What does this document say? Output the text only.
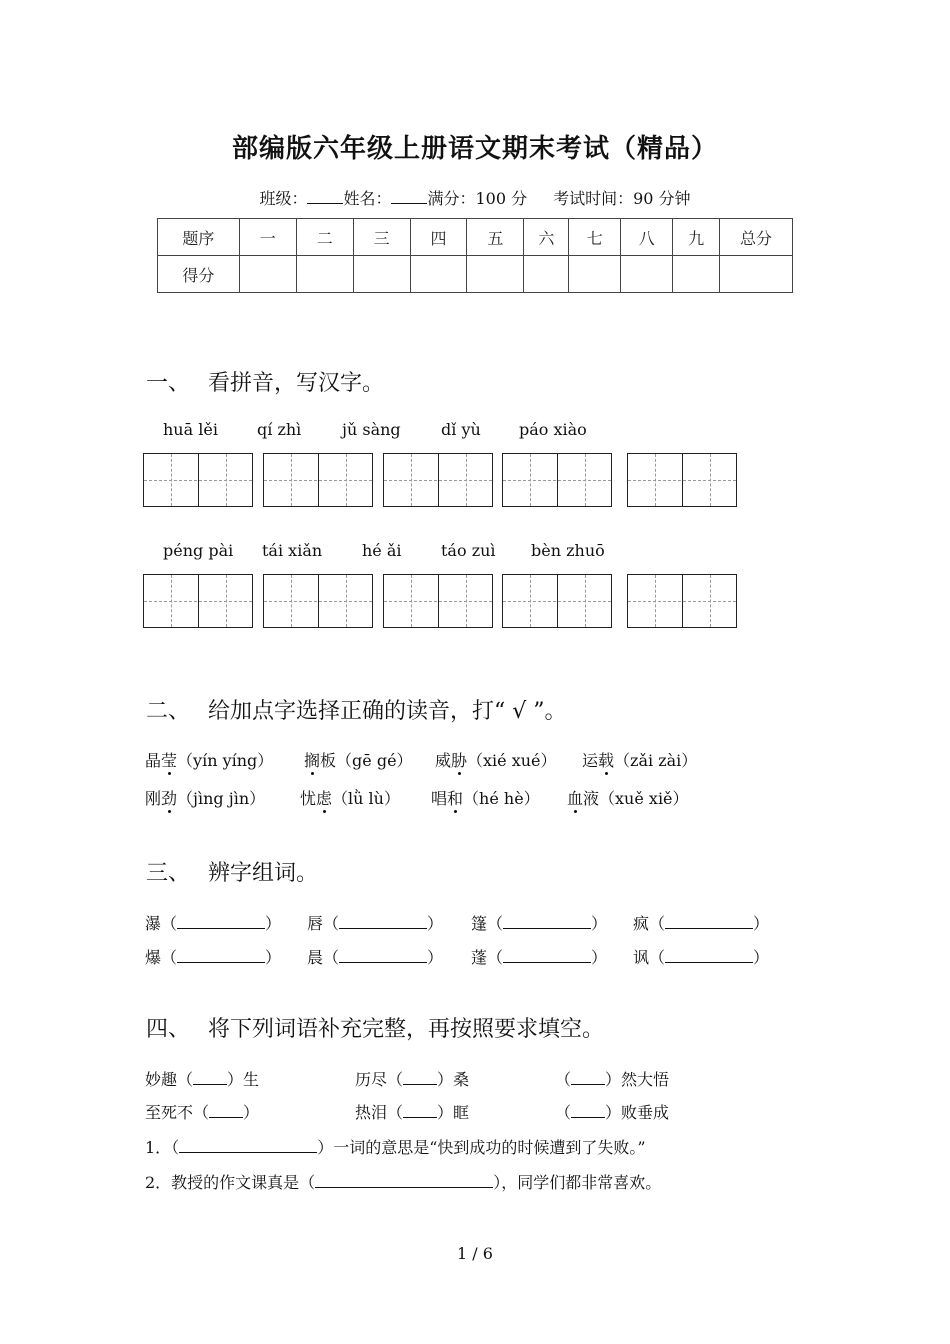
部编版六年级上册语文期末考试（精品）
班级： 姓名： 满分：100 分 考试时间：90 分钟
题序	一	二	三	四	五	六	七	八	九	总分
得分										
一、 看拼音，写汉字。
huā lěi qí zhì	jǔ sàng	dǐ yù páo xiào
péng pài tái xiǎn hé ǎi táo zuì bèn zhuō
二、 给加点字选择正确的读音，打“ √ ”。
晶莹（yín yíng） 搁板（gē gé） 威胁（xié xué） 运载（zǎi zài）
刚劲（jìng jìn） 忧虑（lǜ lù） 唱和（hé hè） 血液（xuě xiě）
三、 辨字组词。
瀑（	） 唇（	） 篷（	） 疯（	）
爆（	） 晨（	） 蓬（	） 讽（	）
四、 将下列词语补充完整，再按照要求填空。
妙趣（ ）生	历尽（ ）桑	（ ）然大悟
至死不（ ）	热泪（ ）眶	（ ）败垂成
1．（	）一词的意思是“快到成功的时候遭到了失败。”
2．教授的作文课真是（	），同学们都非常喜欢。
1 / 6
